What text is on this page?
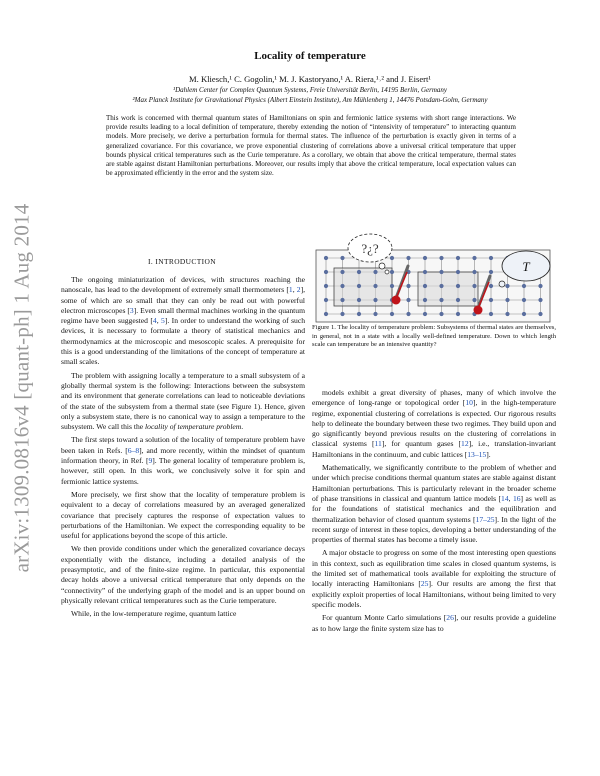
arXiv:1309.0816v4 [quant-ph] 1 Aug 2014
Locality of temperature
M. Kliesch,¹ C. Gogolin,¹ M. J. Kastoryano,¹ A. Riera,¹˒² and J. Eisert¹
¹Dahlem Center for Complex Quantum Systems, Freie Universität Berlin, 14195 Berlin, Germany
²Max Planck Institute for Gravitational Physics (Albert Einstein Institute), Am Mühlenberg 1, 14476 Potsdam-Golm, Germany
This work is concerned with thermal quantum states of Hamiltonians on spin and fermionic lattice systems with short range interactions. We provide results leading to a local definition of temperature, thereby extending the notion of “intensivity of temperature” to interacting quantum models. More precisely, we derive a perturbation formula for thermal states. The influence of the perturbation is exactly given in terms of a generalized covariance. For this covariance, we prove exponential clustering of correlations above a universal critical temperature that upper bounds physical critical temperatures such as the Curie temperature. As a corollary, we obtain that above the critical temperature, thermal states are stable against distant Hamiltonian perturbations. Moreover, our results imply that above the critical temperature, local expectation values can be approximated efficiently in the error and the system size.
I. INTRODUCTION

The ongoing miniaturization of devices, with structures reaching the nanoscale, has lead to the development of extremely small thermometers [1, 2], some of which are so small that they can only be read out with powerful electron microscopes [3]. Even small thermal machines working in the quantum regime have been suggested [4, 5]. In order to understand the working of such devices, it is necessary to formulate a theory of statistical mechanics and thermodynamics at the microscopic and mesoscopic scales. A prerequisite for this is a good understanding of the limitations of the concept of temperature at small scales.

The problem with assigning locally a temperature to a small subsystem of a globally thermal system is the following: Interactions between the subsystem and its environment that generate correlations can lead to noticeable deviations of the state of the subsystem from a thermal state (see Figure 1). Hence, given only a subsystem state, there is no canonical way to assign a temperature to the subsystem. We call this the locality of temperature problem.

The first steps toward a solution of the locality of temperature problem have been taken in Refs. [6–8], and more recently, within the mindset of quantum information theory, in Ref. [9]. The general locality of temperature problem is, however, still open. In this work, we conclusively solve it for spin and fermionic lattice systems.

More precisely, we first show that the locality of temperature problem is equivalent to a decay of correlations measured by an averaged generalized covariance that precisely captures the response of expectation values to perturbations of the Hamiltonian. We expect the corresponding equality to be useful for applications beyond the scope of this article.

We then provide conditions under which the generalized covariance decays exponentially with the distance, including a detailed analysis of the preasymptotic, and of the finite-size regime. In particular, this exponential decay holds above a universal critical temperature that only depends on the “connectivity” of the underlying graph of the model and is an upper bound on physically relevant critical temperatures such as the Curie temperature.

While, in the low-temperature regime, quantum lattice

?¿?
T
Figure 1. The locality of temperature problem: Subsystems of thermal states are themselves, in general, not in a state with a locally well-defined temperature. Down to which length scale can temperature be an intensive quantity?

models exhibit a great diversity of phases, many of which involve the emergence of long-range or topological order [10], in the high-temperature regime, exponential clustering of correlations is expected. Our rigorous results help to delineate the boundary between these two regimes. They build upon and go significantly beyond previous results on the clustering of correlations in classical systems [11], for quantum gases [12], i.e., translation-invariant Hamiltonians in the continuum, and cubic lattices [13–15].

Mathematically, we significantly contribute to the problem of whether and under which precise conditions thermal quantum states are stable against distant Hamiltonian perturbations. This is particularly relevant in the broader scheme of phase transitions in classical and quantum lattice models [14, 16] as well as for the foundations of statistical mechanics and the equilibration and thermalization behavior of closed quantum systems [17–25]. In the light of the recent surge of interest in these topics, developing a better understanding of the properties of thermal states has become a timely issue.

A major obstacle to progress on some of the most interesting open questions in this context, such as equilibration time scales in closed quantum systems, is the limited set of mathematical tools available for exploiting the structure of locally interacting Hamiltonians [25]. Our results are among the first that explicitly exploit properties of local Hamiltonians, without being limited to very specific models.

For quantum Monte Carlo simulations [26], our results provide a guideline as to how large the finite system size has to
